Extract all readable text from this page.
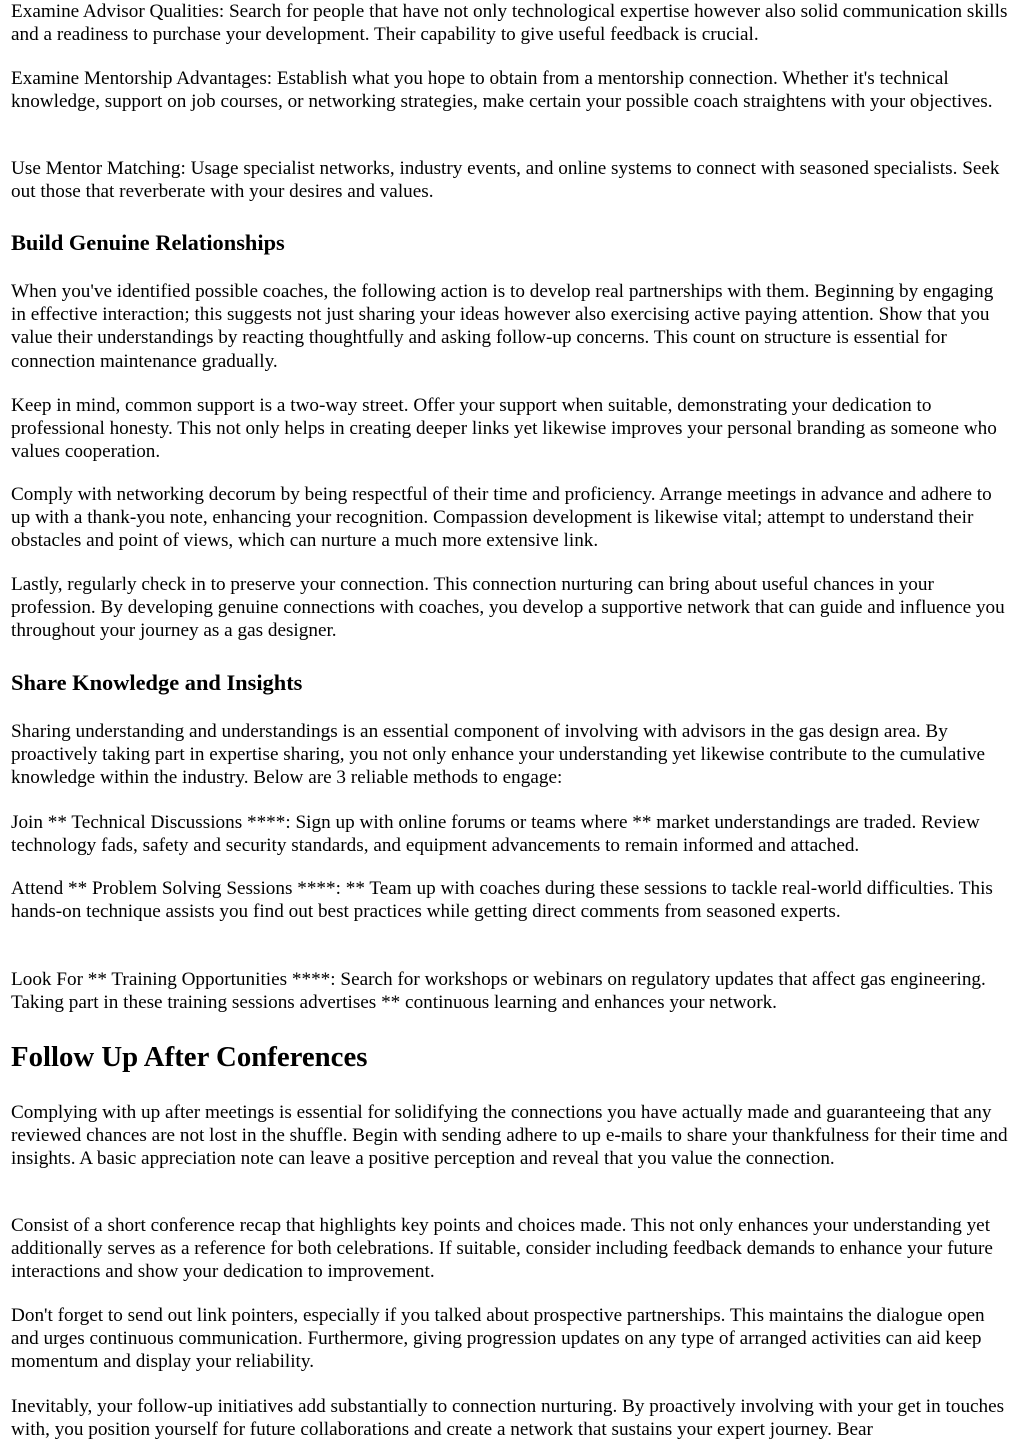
Examine Advisor Qualities: Search for people that have not only technological expertise however also solid communication skills and a readiness to purchase your development. Their capability to give useful feedback is crucial.

Examine Mentorship Advantages: Establish what you hope to obtain from a mentorship connection. Whether it's technical knowledge, support on job courses, or networking strategies, make certain your possible coach straightens with your objectives.

Use Mentor Matching: Usage specialist networks, industry events, and online systems to connect with seasoned specialists. Seek out those that reverberate with your desires and values.

Build Genuine Relationships

When you've identified possible coaches, the following action is to develop real partnerships with them. Beginning by engaging in effective interaction; this suggests not just sharing your ideas however also exercising active paying attention. Show that you value their understandings by reacting thoughtfully and asking follow-up concerns. This count on structure is essential for connection maintenance gradually.

Keep in mind, common support is a two-way street. Offer your support when suitable, demonstrating your dedication to professional honesty. This not only helps in creating deeper links yet likewise improves your personal branding as someone who values cooperation.

Comply with networking decorum by being respectful of their time and proficiency. Arrange meetings in advance and adhere to up with a thank-you note, enhancing your recognition. Compassion development is likewise vital; attempt to understand their obstacles and point of views, which can nurture a much more extensive link.

Lastly, regularly check in to preserve your connection. This connection nurturing can bring about useful chances in your profession. By developing genuine connections with coaches, you develop a supportive network that can guide and influence you throughout your journey as a gas designer.

Share Knowledge and Insights

Sharing understanding and understandings is an essential component of involving with advisors in the gas design area. By proactively taking part in expertise sharing, you not only enhance your understanding yet likewise contribute to the cumulative knowledge within the industry. Below are 3 reliable methods to engage:

Join ** Technical Discussions ****: Sign up with online forums or teams where ** market understandings are traded. Review technology fads, safety and security standards, and equipment advancements to remain informed and attached.

Attend ** Problem Solving Sessions ****: ** Team up with coaches during these sessions to tackle real-world difficulties. This hands-on technique assists you find out best practices while getting direct comments from seasoned experts.

Look For ** Training Opportunities ****: Search for workshops or webinars on regulatory updates that affect gas engineering. Taking part in these training sessions advertises ** continuous learning and enhances your network.

Follow Up After Conferences

Complying with up after meetings is essential for solidifying the connections you have actually made and guaranteeing that any reviewed chances are not lost in the shuffle. Begin with sending adhere to up e-mails to share your thankfulness for their time and insights. A basic appreciation note can leave a positive perception and reveal that you value the connection.

Consist of a short conference recap that highlights key points and choices made. This not only enhances your understanding yet additionally serves as a reference for both celebrations. If suitable, consider including feedback demands to enhance your future interactions and show your dedication to improvement.

Don't forget to send out link pointers, especially if you talked about prospective partnerships. This maintains the dialogue open and urges continuous communication. Furthermore, giving progression updates on any type of arranged activities can aid keep momentum and display your reliability.

Inevitably, your follow-up initiatives add substantially to connection nurturing. By proactively involving with your get in touches with, you position yourself for future collaborations and create a network that sustains your expert journey. Bear
